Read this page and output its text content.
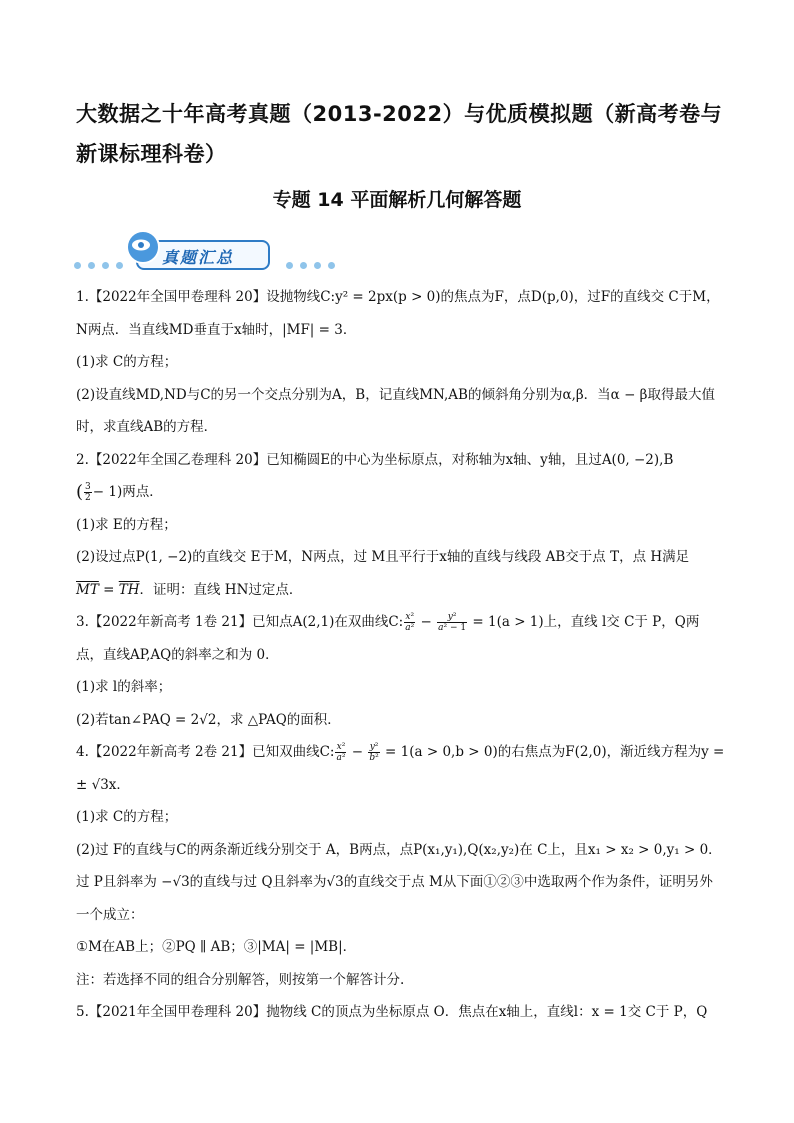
大数据之十年高考真题（2013-2022）与优质模拟题（新高考卷与新课标理科卷）
专题 14 平面解析几何解答题
真题汇总

1.【2022年全国甲卷理科 20】设抛物线C:y² = 2px(p > 0)的焦点为F，点D(p,0)，过F的直线交 C于M，N两点．当直线MD垂直于x轴时，|MF| = 3．

(1)求 C的方程；

(2)设直线MD,ND与C的另一个交点分别为A，B，记直线MN,AB的倾斜角分别为α,β．当α − β取得最大值时，求直线AB的方程．

2.【2022年全国乙卷理科 20】已知椭圆E的中心为坐标原点，对称轴为x轴、y轴，且过A(0, −2),B
( $\frac{3}{2} - 1$)两点．

(1)求 E的方程；

(2)设过点P(1, −2)的直线交 E于M，N两点，过 M且平行于x轴的直线与线段 AB交于点 T，点 H满足
$\overline{MT} = \overline{TH}$．证明：直线 HN过定点．

3.【2022年新高考 1卷 21】已知点A(2,1)在双曲线C: $\frac{\text{x²}}{\text{a²}} - \frac{\text{y²}}{\text{a² − 1}} = 1(a > 1)$上，直线 l交 C于 P，Q两点，直线AP,AQ的斜率之和为 0．

(1)求 l的斜率；

(2)若tan∠PAQ = 2√2，求 △PAQ的面积．

4.【2022年新高考 2卷 21】已知双曲线C: $\frac{\text{x²}}{\text{a²}} - \frac{\text{y²}}{\text{b²}} = 1(a > 0,b > 0)$的右焦点为F(2,0)，渐近线方程为y = ± √3x．

(1)求 C的方程；

(2)过 F的直线与C的两条渐近线分别交于 A，B两点，点P(x₁,y₁),Q(x₂,y₂)在 C上，且x₁ > x₂ > 0,y₁ > 0．过 P且斜率为 −√3的直线与过 Q且斜率为√3的直线交于点 M从下面①②③中选取两个作为条件，证明另外一个成立：

①M在AB上；②PQ ∥ AB；③|MA| = |MB|．

注：若选择不同的组合分别解答，则按第一个解答计分.

5.【2021年全国甲卷理科 20】抛物线 C的顶点为坐标原点 O．焦点在x轴上，直线l：x = 1交 C于 P，Q
